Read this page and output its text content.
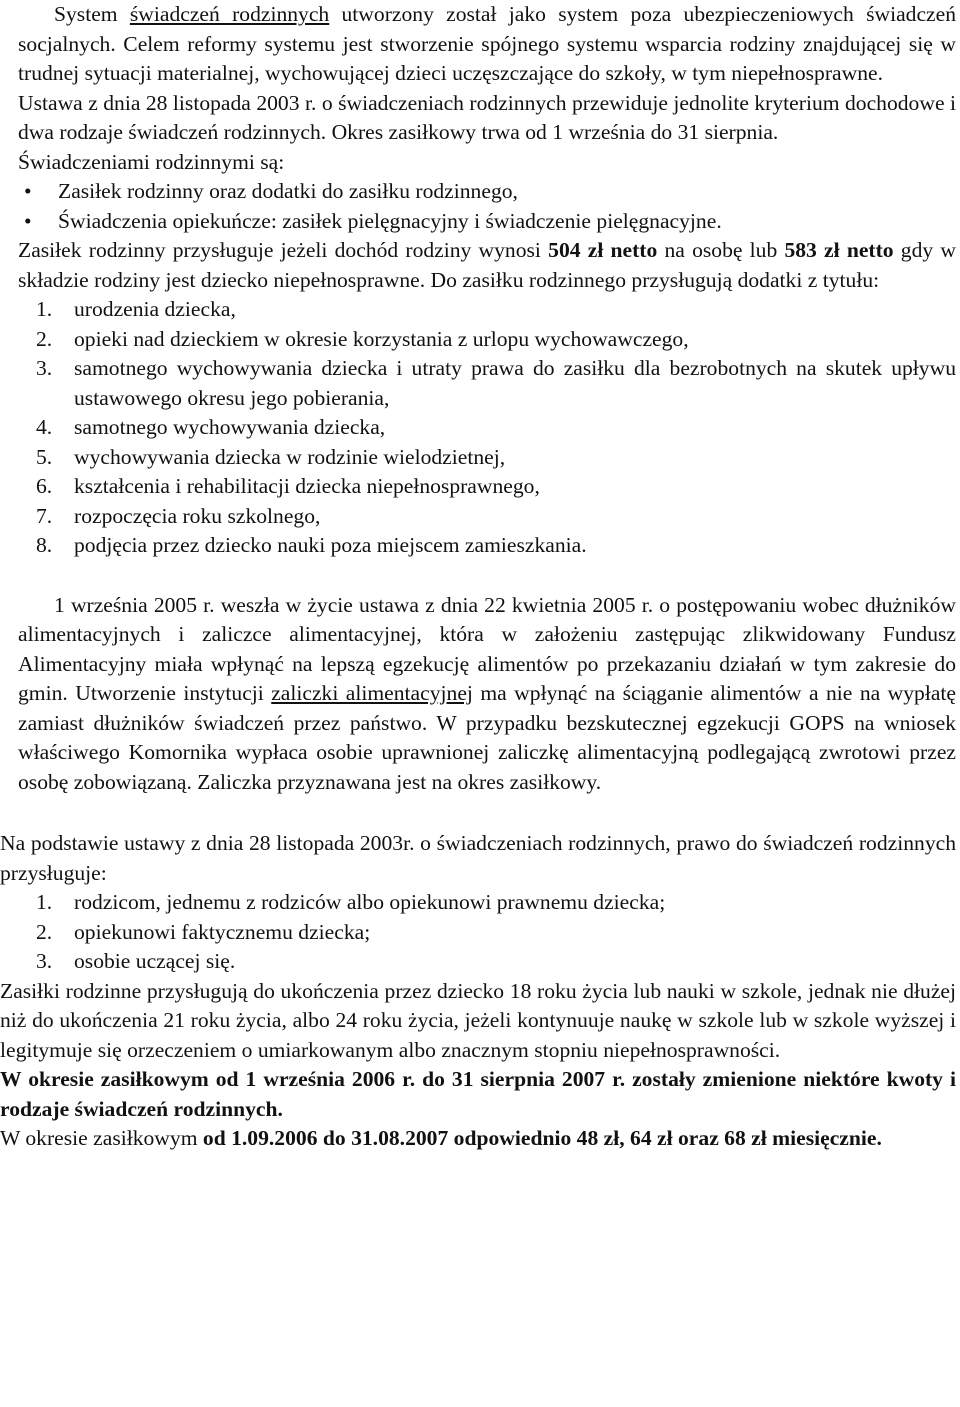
System świadczeń rodzinnych utworzony został jako system poza ubezpieczeniowych świadczeń socjalnych. Celem reformy systemu jest stworzenie spójnego systemu wsparcia rodziny znajdującej się w trudnej sytuacji materialnej, wychowującej dzieci uczęszczające do szkoły, w tym niepełnosprawne.

Ustawa z dnia 28 listopada 2003 r. o świadczeniach rodzinnych przewiduje jednolite kryterium dochodowe i dwa rodzaje świadczeń rodzinnych. Okres zasiłkowy trwa od 1 września do 31 sierpnia.

Świadczeniami rodzinnymi są:

• Zasiłek rodzinny oraz dodatki do zasiłku rodzinnego,
• Świadczenia opiekuńcze: zasiłek pielęgnacyjny i świadczenie pielęgnacyjne.

Zasiłek rodzinny przysługuje jeżeli dochód rodziny wynosi 504 zł netto na osobę lub 583 zł netto gdy w składzie rodziny jest dziecko niepełnosprawne. Do zasiłku rodzinnego przysługują dodatki z tytułu:

1. urodzenia dziecka,
2. opieki nad dzieckiem w okresie korzystania z urlopu wychowawczego,
3. samotnego wychowywania dziecka i utraty prawa do zasiłku dla bezrobotnych na skutek upływu ustawowego okresu jego pobierania,
4. samotnego wychowywania dziecka,
5. wychowywania dziecka w rodzinie wielodzietnej,
6. kształcenia i rehabilitacji dziecka niepełnosprawnego,
7. rozpoczęcia roku szkolnego,
8. podjęcia przez dziecko nauki poza miejscem zamieszkania.

1 września 2005 r. weszła w życie ustawa z dnia 22 kwietnia 2005 r. o postępowaniu wobec dłużników alimentacyjnych i zaliczce alimentacyjnej, która w założeniu zastępując zlikwidowany Fundusz Alimentacyjny miała wpłynąć na lepszą egzekucję alimentów po przekazaniu działań w tym zakresie do gmin. Utworzenie instytucji zaliczki alimentacyjnej ma wpłynąć na ściąganie alimentów a nie na wypłatę zamiast dłużników świadczeń przez państwo. W przypadku bezskutecznej egzekucji GOPS na wniosek właściwego Komornika wypłaca osobie uprawnionej zaliczkę alimentacyjną podlegającą zwrotowi przez osobę zobowiązaną. Zaliczka przyznawana jest na okres zasiłkowy.

Na podstawie ustawy z dnia 28 listopada 2003r. o świadczeniach rodzinnych, prawo do świadczeń rodzinnych przysługuje:

1. rodzicom, jednemu z rodziców albo opiekunowi prawnemu dziecka;
2. opiekunowi faktycznemu dziecka;
3. osobie uczącej się.

Zasiłki rodzinne przysługują do ukończenia przez dziecko 18 roku życia lub nauki w szkole, jednak nie dłużej niż do ukończenia 21 roku życia, albo 24 roku życia, jeżeli kontynuuje naukę w szkole lub w szkole wyższej i legitymuje się orzeczeniem o umiarkowanym albo znacznym stopniu niepełnosprawności.

W okresie zasiłkowym od 1 września 2006 r. do 31 sierpnia 2007 r. zostały zmienione niektóre kwoty i rodzaje świadczeń rodzinnych.

W okresie zasiłkowym od 1.09.2006 do 31.08.2007 odpowiednio 48 zł, 64 zł oraz 68 zł miesięcznie.
